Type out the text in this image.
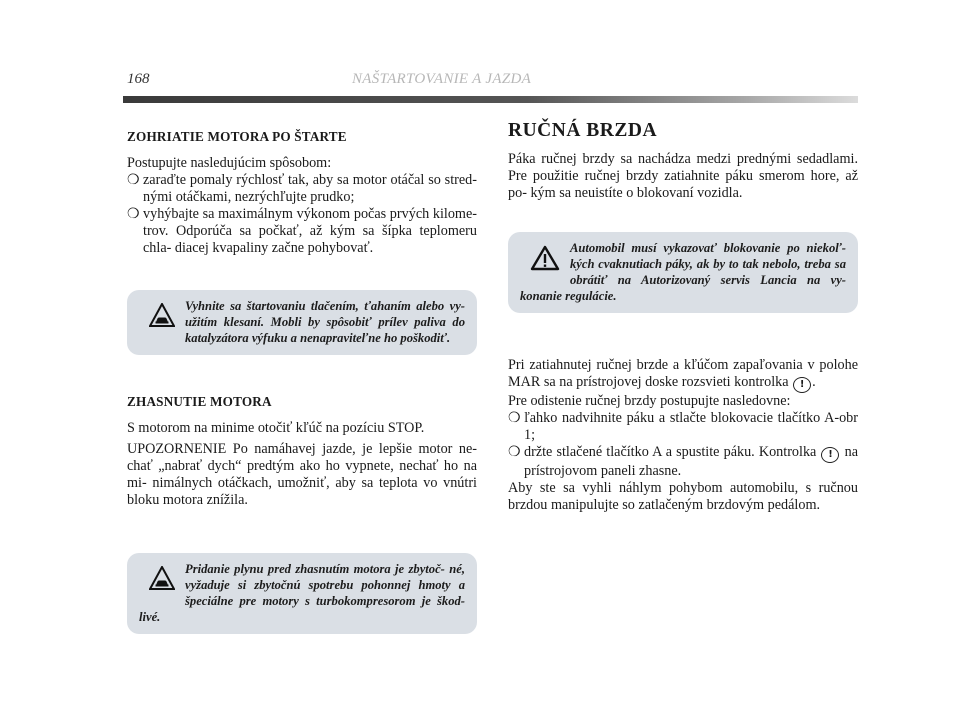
168	NAŠTARTOVANIE A JAZDA
ZOHRIATIE MOTORA PO ŠTARTE

Postupujte nasledujúcim spôsobom:

❍ zaraďte pomaly rýchlosť tak, aby sa motor otáčal so stred- nými otáčkami, nezrýchľujte prudko;
❍ vyhýbajte sa maximálnym výkonom počas prvých kilome- trov. Odporúča sa počkať, až kým sa šípka teplomeru chla- diacej kvapaliny začne pohybovať.
Vyhnite sa štartovaniu tlačením, ťahaním alebo vy- užitím klesaní. Mobli by spôsobiť prílev paliva do katalyzátora výfuku a nenapraviteľne ho poškodiť.
ZHASNUTIE MOTORA

S motorom na minime otočiť kľúč na pozíciu STOP.

UPOZORNENIE Po namáhavej jazde, je lepšie motor ne- chať „nabrať dych“ predtým ako ho vypnete, nechať ho na mi- nimálnych otáčkach, umožniť, aby sa teplota vo vnútri bloku motora znížila.

Pridanie plynu pred zhasnutím motora je zbytoč- né, vyžaduje si zbytočnú spotrebu pohonnej hmoty a špeciálne pre motory s turbokompresorom je škod- livé.
RUČNÁ BRZDA

Páka ručnej brzdy sa nachádza medzi prednými sedadlami. Pre použitie ručnej brzdy zatiahnite páku smerom hore, až po- kým sa neuistíte o blokovaní vozidla.

Automobil musí vykazovať blokovanie po niekoľ- kých cvaknutiach páky, ak by to tak nebolo, treba sa obrátiť na Autorizovaný servis Lancia na vy- konanie regulácie.

Pri zatiahnutej ručnej brzde a kľúčom zapaľovania v polohe MAR sa na prístrojovej doske rozsvieti kontrolka ! .

Pre odistenie ručnej brzdy postupujte nasledovne:

❍ ľahko nadvihnite páku a stlačte blokovacie tlačítko A-obr 1;
❍ držte stlačené tlačítko A a spustite páku. Kontrolka ! na prístrojovom paneli zhasne.

Aby ste sa vyhli náhlym pohybom automobilu, s ručnou brzdou manipulujte so zatlačeným brzdovým pedálom.
